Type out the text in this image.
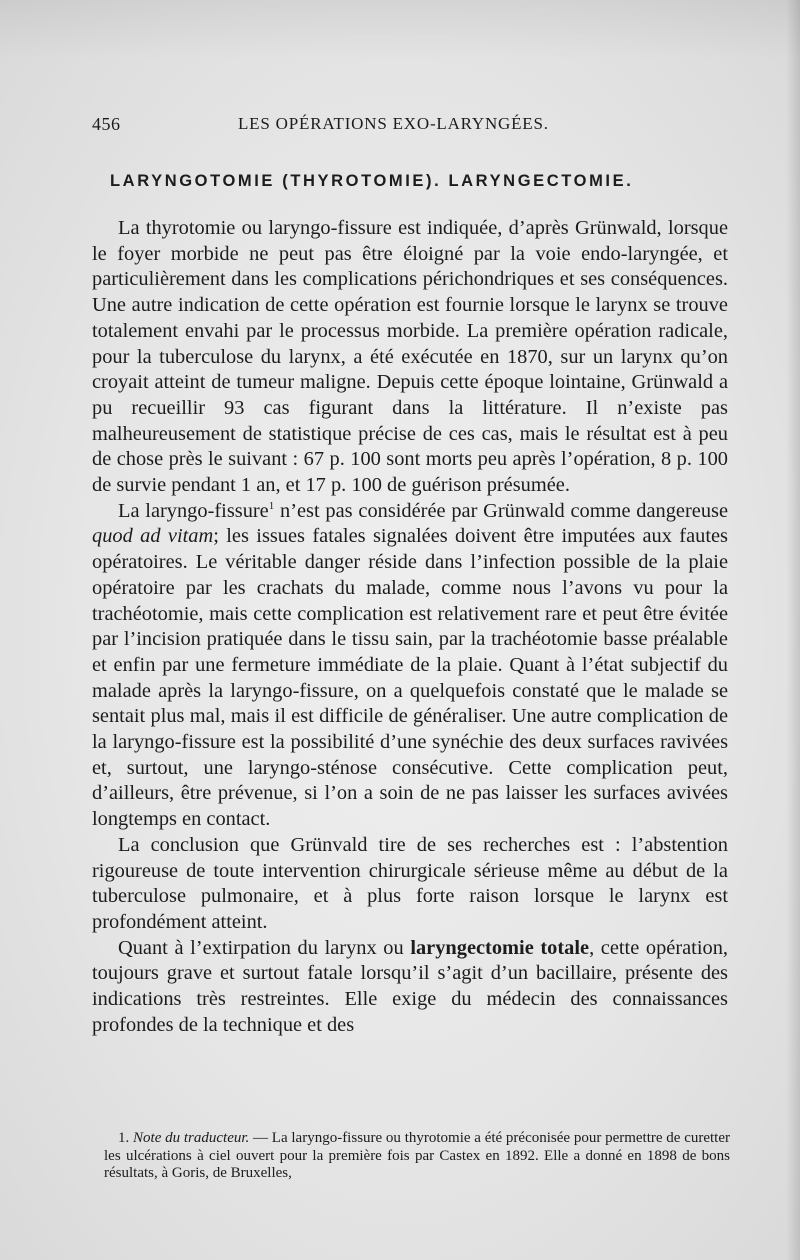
456	LES OPÉRATIONS EXO-LARYNGÉES.
LARYNGOTOMIE (THYROTOMIE). LARYNGECTOMIE.

La thyrotomie ou laryngo-fissure est indiquée, d’après Grünwald, lorsque le foyer morbide ne peut pas être éloigné par la voie endo-laryngée, et particulièrement dans les complications périchondriques et ses conséquences. Une autre indication de cette opération est fournie lorsque le larynx se trouve totalement envahi par le processus morbide. La première opération radicale, pour la tuberculose du larynx, a été exécutée en 1870, sur un larynx qu’on croyait atteint de tumeur maligne. Depuis cette époque lointaine, Grünwald a pu recueillir 93 cas figurant dans la littérature. Il n’existe pas malheureusement de statistique précise de ces cas, mais le résultat est à peu de chose près le suivant : 67 p. 100 sont morts peu après l’opération, 8 p. 100 de survie pendant 1 an, et 17 p. 100 de guérison présumée.

La laryngo-fissure$^1$ n’est pas considérée par Grünwald comme dangereuse quod ad vitam; les issues fatales signalées doivent être imputées aux fautes opératoires. Le véritable danger réside dans l’infection possible de la plaie opératoire par les crachats du malade, comme nous l’avons vu pour la trachéotomie, mais cette complication est relativement rare et peut être évitée par l’incision pratiquée dans le tissu sain, par la trachéotomie basse préalable et enfin par une fermeture immédiate de la plaie. Quant à l’état subjectif du malade après la laryngo-fissure, on a quelquefois constaté que le malade se sentait plus mal, mais il est difficile de généraliser. Une autre complication de la laryngo-fissure est la possibilité d’une synéchie des deux surfaces ravivées et, surtout, une laryngo-sténose consécutive. Cette complication peut, d’ailleurs, être prévenue, si l’on a soin de ne pas laisser les surfaces avivées longtemps en contact.

La conclusion que Grünvald tire de ses recherches est : l’abstention rigoureuse de toute intervention chirurgicale sérieuse même au début de la tuberculose pulmonaire, et à plus forte raison lorsque le larynx est profondément atteint.

Quant à l’extirpation du larynx ou laryngectomie totale, cette opération, toujours grave et surtout fatale lorsqu’il s’agit d’un bacillaire, présente des indications très restreintes. Elle exige du médecin des connaissances profondes de la technique et des

1. Note du traducteur. — La laryngo-fissure ou thyrotomie a été préconisée pour permettre de curetter les ulcérations à ciel ouvert pour la première fois par Castex en 1892. Elle a donné en 1898 de bons résultats, à Goris, de Bruxelles,
